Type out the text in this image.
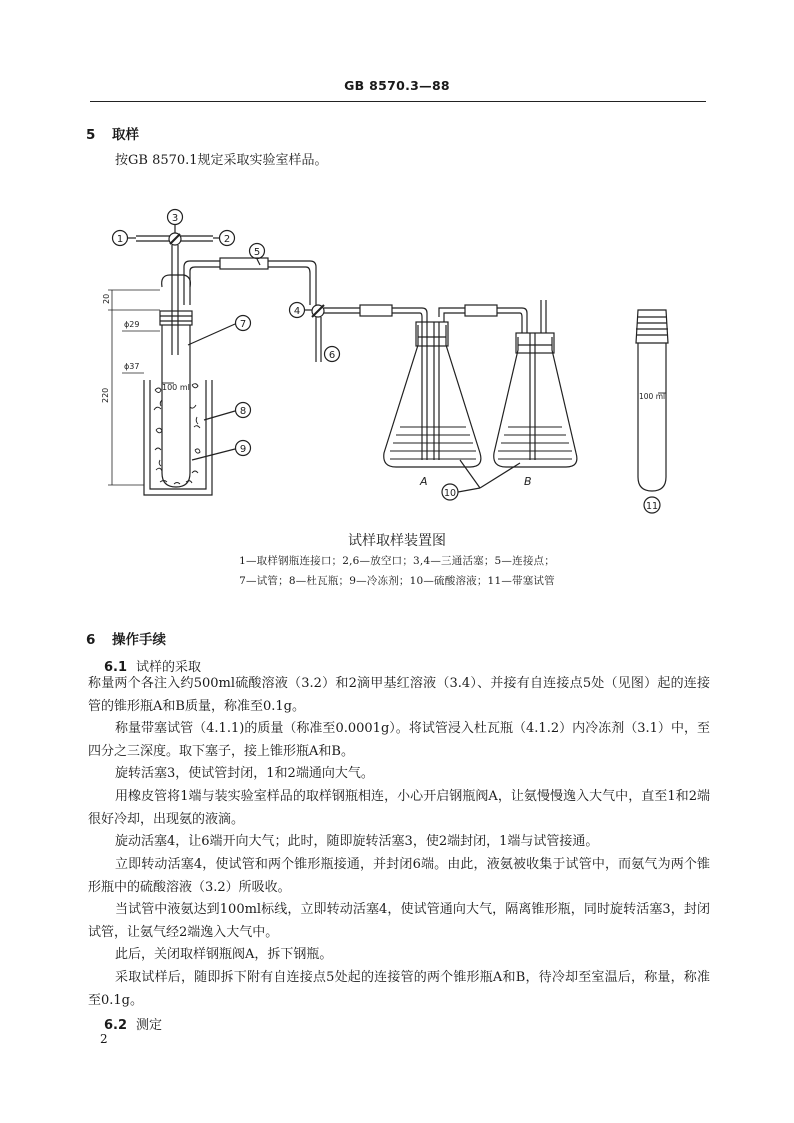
GB 8570.3—88
5 取样
按GB 8570.1规定采取实验室样品。
1	2
3
5
4
6
7
8
9
10
11
A	B
100 ml
20
220
ϕ29
ϕ37
100 ml
试样取样装置图
1—取样钢瓶连接口；2,6—放空口；3,4—三通活塞；5—连接点；
7—试管；8—杜瓦瓶；9—冷冻剂；10—硫酸溶液；11—带塞试管
6 操作手续
6.1 试样的采取
称量两个各注入约500ml硫酸溶液（3.2）和2滴甲基红溶液（3.4）、并接有自连接点5处（见图）起的连接管的锥形瓶A和B质量，称准至0.1g。
称量带塞试管（4.1.1)的质量（称准至0.0001g）。将试管浸入杜瓦瓶（4.1.2）内冷冻剂（3.1）中，至四分之三深度。取下塞子，接上锥形瓶A和B。
旋转活塞3，使试管封闭，1和2端通向大气。
用橡皮管将1端与装实验室样品的取样钢瓶相连，小心开启钢瓶阀A，让氨慢慢逸入大气中，直至1和2端很好冷却，出现氨的液滴。
旋动活塞4，让6端开向大气；此时，随即旋转活塞3，使2端封闭，1端与试管接通。
立即转动活塞4，使试管和两个锥形瓶接通，并封闭6端。由此，液氨被收集于试管中，而氨气为两个锥形瓶中的硫酸溶液（3.2）所吸收。
当试管中液氨达到100ml标线，立即转动活塞4，使试管通向大气，隔离锥形瓶，同时旋转活塞3，封闭试管，让氨气经2端逸入大气中。
此后，关闭取样钢瓶阀A，拆下钢瓶。
采取试样后，随即拆下附有自连接点5处起的连接管的两个锥形瓶A和B，待冷却至室温后，称量，称准至0.1g。
6.2 测定
2
